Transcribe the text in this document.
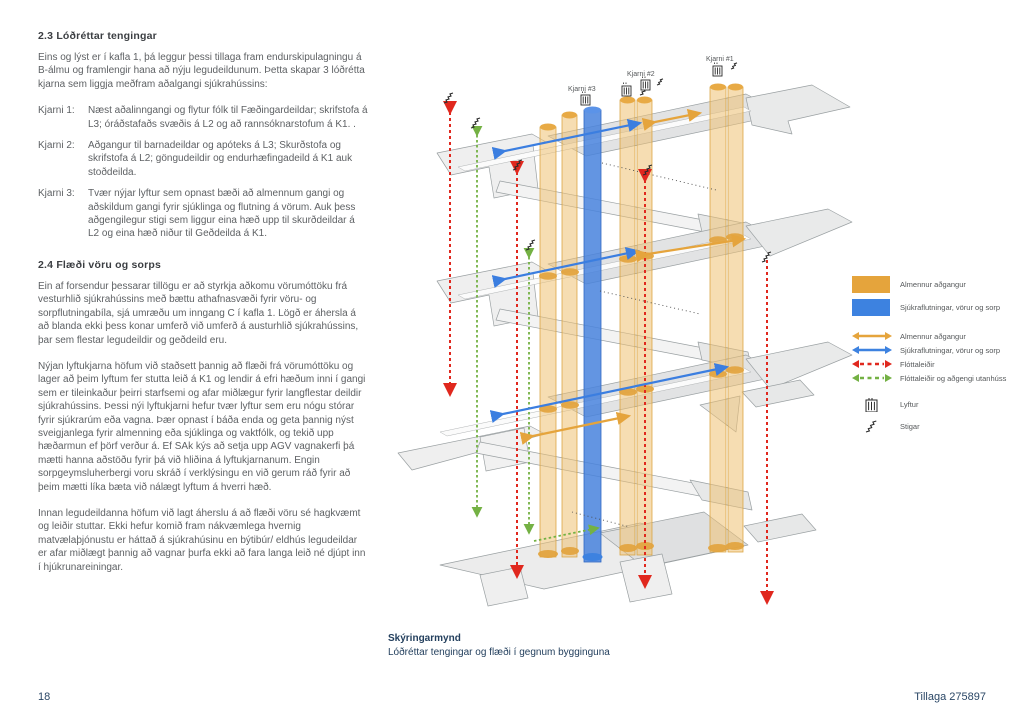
2.3 Lóðréttar tengingar

Eins og lýst er í kafla 1, þá leggur þessi tillaga fram endurskipulagningu á B-álmu og framlengir hana að nýju legudeildunum. Þetta skapar 3 lóðrétta kjarna sem liggja meðfram aðalgangi sjúkrahússins:

Kjarni 1:	Næst aðalinngangi og flytur fólk til Fæðingardeildar; skrifstofa á L3; óráðstafaðs svæðis á L2 og að rannsóknarstofum á K1. .
Kjarni 2:	Aðgangur til barnadeildar og apóteks á L3; Skurðstofa og skrifstofa á L2; göngudeildir og endurhæfingadeild á K1 auk stoðdeilda.
Kjarni 3:	Tvær nýjar lyftur sem opnast bæði að almennum gangi og aðskildum gangi fyrir sjúklinga og flutning á vörum. Auk þess aðgengilegur stigi sem liggur eina hæð upp til skurðdeildar á L2 og eina hæð niður til Geðdeilda á K1.
2.4 Flæði vöru og sorps

Ein af forsendur þessarar tillögu er að styrkja aðkomu vörumóttöku frá vesturhlið sjúkrahússins með bættu athafnasvæði fyrir vöru- og sorpflutningabíla, sjá umræðu um inngang C í kafla 1. Lögð er áhersla á að blanda ekki þess konar umferð við umferð á austurhlið sjúkrahússins, þar sem flestar legudeildir og geðdeild eru.

Nýjan lyftukjarna höfum við staðsett þannig að flæði frá vörumóttöku og lager að þeim lyftum fer stutta leið á K1 og lendir á efri hæðum inni í gangi sem er tileinkaður þeirri starfsemi og afar miðlægur fyrir langflestar deildir sjúkrahússins. Þessi nýi lyftukjarni hefur tvær lyftur sem eru nógu stórar fyrir sjúkrarúm eða vagna. Þær opnast í báða enda og geta þannig nýst sveigjanlega fyrir almenning eða sjúklinga og vaktfólk, og tekið upp hæðarmun ef þörf verður á. Ef SAk kýs að setja upp AGV vagnakerfi þá mætti hanna aðstöðu fyrir þá við hliðina á lyftukjarnanum. Engin sorpgeymsluherbergi voru skráð í verklýsingu en við gerum ráð fyrir að þeim mætti líka bæta við nálægt lyftum á hverri hæð.

Innan legudeildanna höfum við lagt áherslu á að flæði vöru sé hagkvæmt og leiðir stuttar. Ekki hefur komið fram nákvæmlega hvernig matvælaþjónustu er háttað á sjúkrahúsinu en býtibúr/ eldhús legudeildar er afar miðlægt þannig að vagnar þurfa ekki að fara langa leið né djúpt inn í hjúkrunareiningar.

Kjarni #3
Kjarni #2
Kjarni #1
Almennur aðgangur
Sjúkraflutningar, vörur og sorp
Almennur aðgangur
Sjúkraflutningar, vörur og sorp
Flóttaleiðir
Flóttaleiðir og aðgengi utanhúss
Lyftur
Stigar
Skýringarmynd
Lóðréttar tengingar og flæði í gegnum bygginguna
18	Tillaga 275897
